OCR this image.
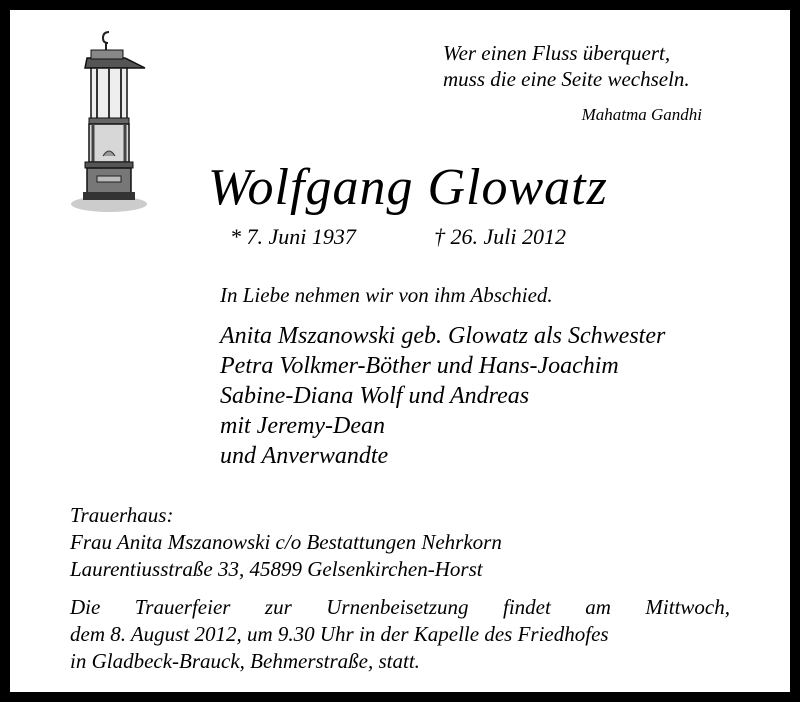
Wer einen Fluss überquert,
muss die eine Seite wechseln.
Mahatma Gandhi
Wolfgang Glowatz
* 7. Juni 1937	† 26. Juli 2012
In Liebe nehmen wir von ihm Abschied.
Anita Mszanowski geb. Glowatz als Schwester
Petra Volkmer-Böther und Hans-Joachim
Sabine-Diana Wolf und Andreas
mit Jeremy-Dean
und Anverwandte
Trauerhaus:
Frau Anita Mszanowski c/o Bestattungen Nehrkorn
Laurentiusstraße 33, 45899 Gelsenkirchen-Horst
Die Trauerfeier zur Urnenbeisetzung findet am Mittwoch,
dem 8. August 2012, um 9.30 Uhr in der Kapelle des Friedhofes
in Gladbeck-Brauck, Behmerstraße, statt.
